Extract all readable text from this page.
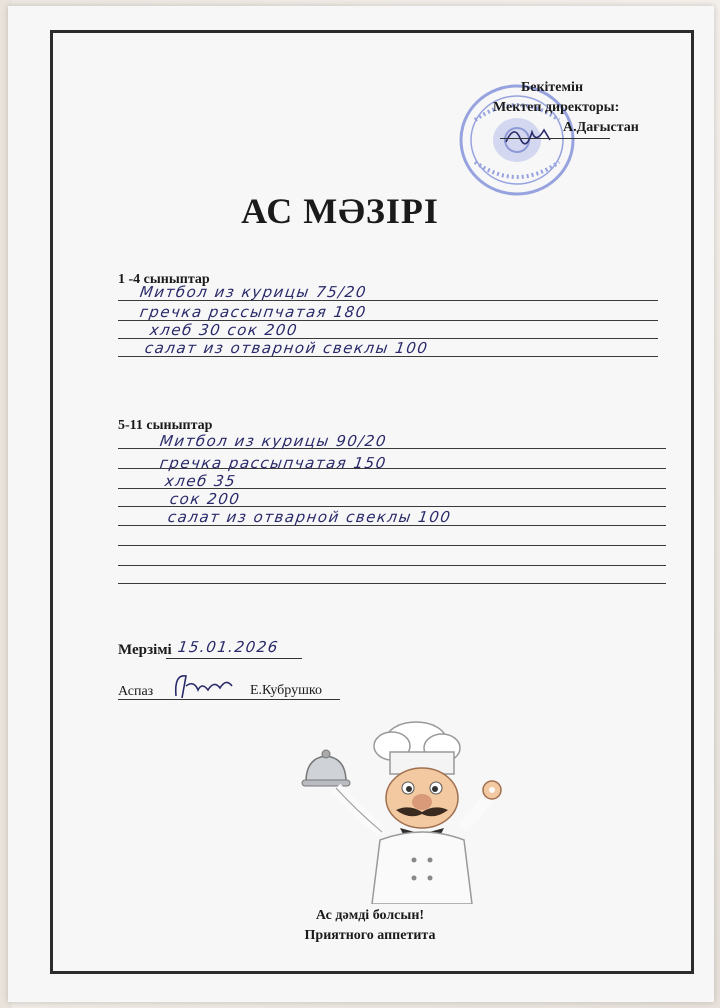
Бекітемін
Мектеп директоры:
А.Дағыстан
АС МӘЗІРІ
1 -4 сыныптар
Митбол из курицы 75/20
гречка рассыпчатая 180
хлеб 30 сок 200
салат из отварной свеклы 100
5-11 сыныптар
Митбол из курицы 90/20
гречка рассыпчатая 150
хлеб 35
сок 200
салат из отварной свеклы 100
Мерзімі 15.01.2026
Аспаз	Е.Кубрушко
Ас дәмді болсын!
Приятного аппетита
